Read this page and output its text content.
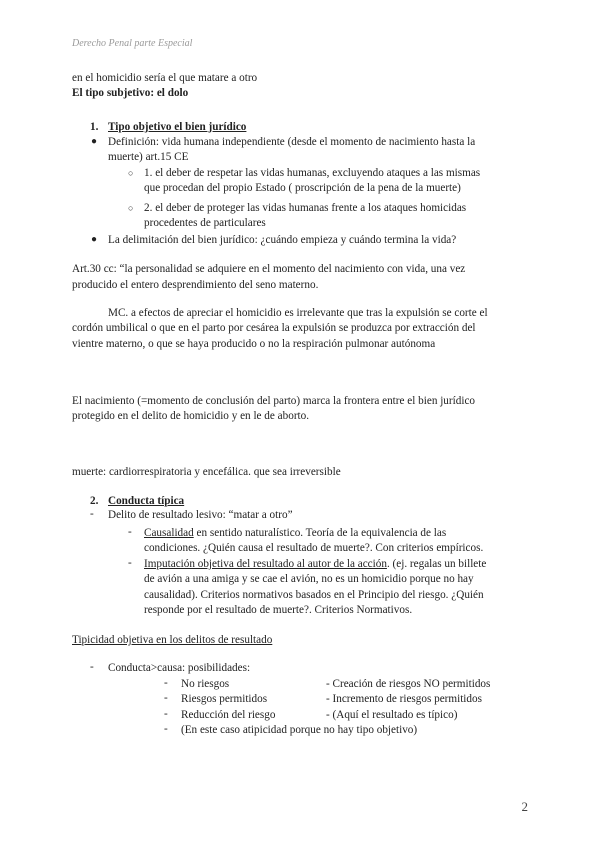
Derecho Penal parte Especial
en el homicidio sería el que matare a otro
El tipo subjetivo: el dolo
1. Tipo objetivo el bien jurídico
● Definición: vida humana independiente (desde el momento de nacimiento hasta la
muerte) art.15 CE
○ 1. el deber de respetar las vidas humanas, excluyendo ataques a las mismas
que procedan del propio Estado ( proscripción de la pena de la muerte)
○ 2. el deber de proteger las vidas humanas frente a los ataques homicidas
procedentes de particulares
● La delimitación del bien jurídico: ¿cuándo empieza y cuándo termina la vida?
Art.30 cc: “la personalidad se adquiere en el momento del nacimiento con vida, una vez
producido el entero desprendimiento del seno materno.
MC. a efectos de apreciar el homicidio es irrelevante que tras la expulsión se corte el
cordón umbilical o que en el parto por cesárea la expulsión se produzca por extracción del
vientre materno, o que se haya producido o no la respiración pulmonar autónoma
El nacimiento (=momento de conclusión del parto) marca la frontera entre el bien jurídico
protegido en el delito de homicidio y en le de aborto.
muerte: cardiorrespiratoria y encefálica. que sea irreversible
2. Conducta típica
- Delito de resultado lesivo: “matar a otro”
- Causalidad en sentido naturalístico. Teoría de la equivalencia de las
condiciones. ¿Quién causa el resultado de muerte?. Con criterios empíricos.
- Imputación objetiva del resultado al autor de la acción. (ej. regalas un billete
de avión a una amiga y se cae el avión, no es un homicidio porque no hay
causalidad). Criterios normativos basados en el Principio del riesgo. ¿Quién
responde por el resultado de muerte?. Criterios Normativos.
Tipicidad objetiva en los delitos de resultado
- Conducta>causa: posibilidades:
- No riesgos	- Creación de riesgos NO permitidos
- Riesgos permitidos	- Incremento de riesgos permitidos
- Reducción del riesgo	- (Aquí el resultado es típico)
- (En este caso atipicidad porque no hay tipo objetivo)
2
